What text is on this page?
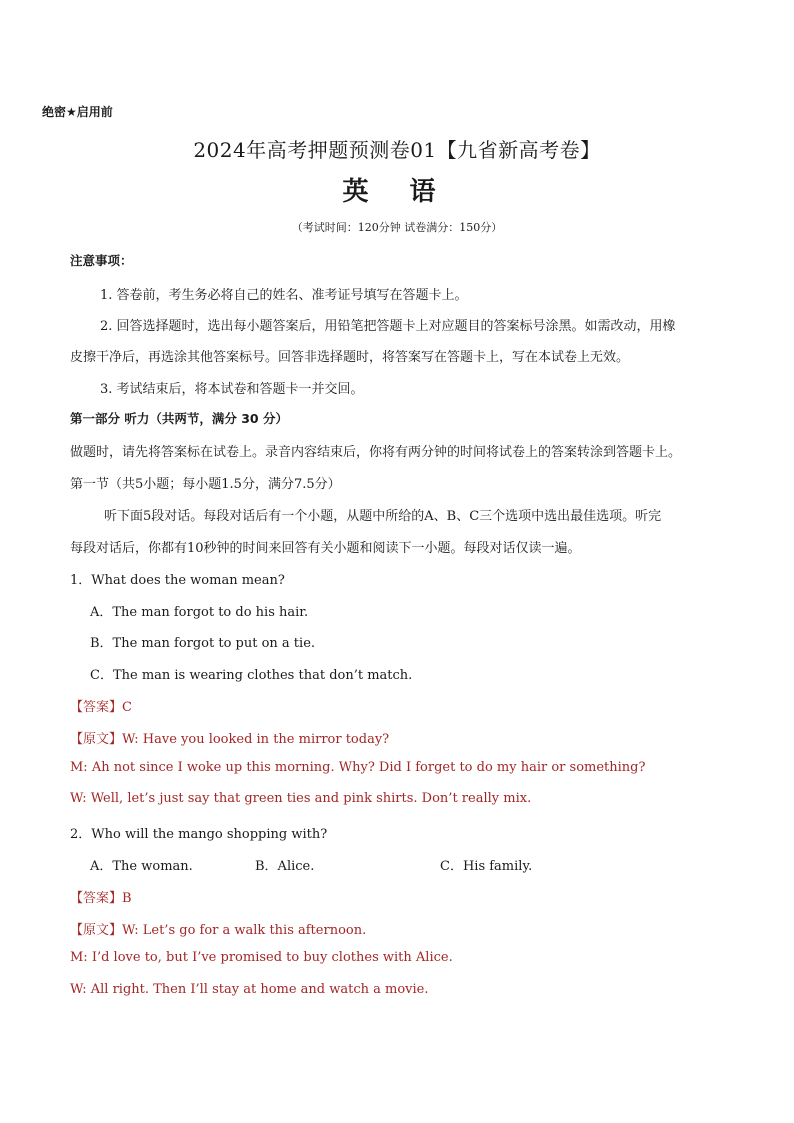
绝密★启用前
2024年高考押题预测卷01【九省新高考卷】
英 语
（考试时间：120分钟 试卷满分：150分）
注意事项：
1. 答卷前，考生务必将自己的姓名、准考证号填写在答题卡上。
2. 回答选择题时，选出每小题答案后，用铅笔把答题卡上对应题目的答案标号涂黑。如需改动，用橡
皮擦干净后，再选涂其他答案标号。回答非选择题时，将答案写在答题卡上，写在本试卷上无效。
3. 考试结束后，将本试卷和答题卡一并交回。
第一部分 听力（共两节，满分 30 分）
做题时，请先将答案标在试卷上。录音内容结束后，你将有两分钟的时间将试卷上的答案转涂到答题卡上。
第一节（共5小题；每小题1.5分，满分7.5分）
听下面5段对话。每段对话后有一个小题，从题中所给的A、B、C三个选项中选出最佳选项。听完
每段对话后，你都有10秒钟的时间来回答有关小题和阅读下一小题。每段对话仅读一遍。
1．What does the woman mean?
A．The man forgot to do his hair.
B．The man forgot to put on a tie.
C．The man is wearing clothes that don’t match.
【答案】C
【原文】W: Have you looked in the mirror today?
M: Ah not since I woke up this morning. Why? Did I forget to do my hair or something?
W: Well, let’s just say that green ties and pink shirts. Don’t really mix.
2．Who will the mango shopping with?
A．The woman.	B．Alice.	C．His family.
【答案】B
【原文】W: Let’s go for a walk this afternoon.
M: I’d love to, but I’ve promised to buy clothes with Alice.
W: All right. Then I’ll stay at home and watch a movie.
